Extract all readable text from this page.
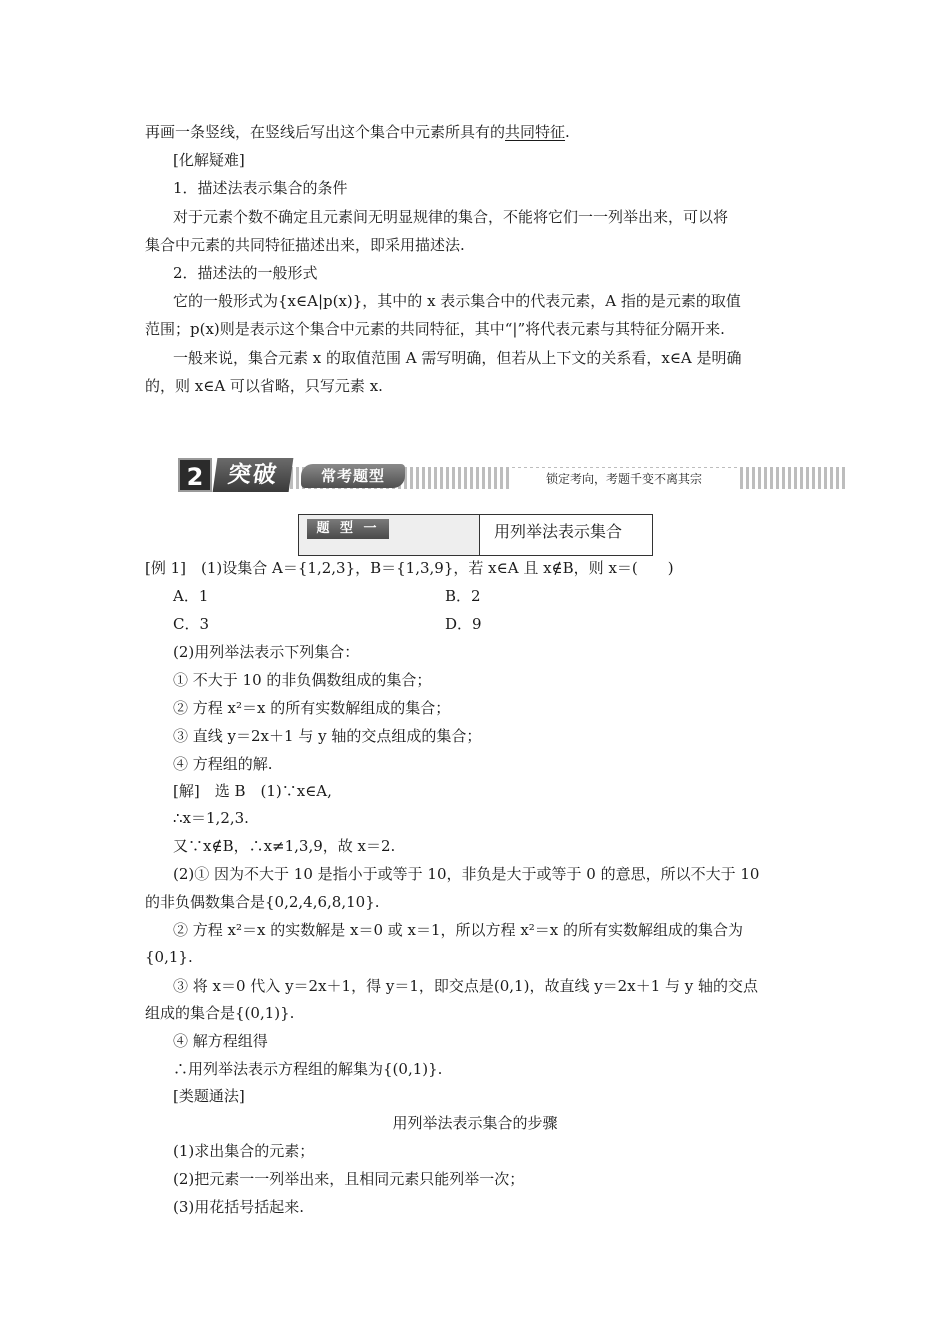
再画一条竖线，在竖线后写出这个集合中元素所具有的共同特征.
[化解疑难]
1．描述法表示集合的条件
对于元素个数不确定且元素间无明显规律的集合，不能将它们一一列举出来，可以将
集合中元素的共同特征描述出来，即采用描述法.
2．描述法的一般形式
它的一般形式为{x∈A|p(x)}，其中的 x 表示集合中的代表元素，A 指的是元素的取值
范围；p(x)则是表示这个集合中元素的共同特征，其中“|”将代表元素与其特征分隔开来.
一般来说，集合元素 x 的取值范围 A 需写明确，但若从上下文的关系看，x∈A 是明确
的，则 x∈A 可以省略，只写元素 x.
2 突破	常考题型	锁定考向，考题千变不离其宗
题 型 一	用列举法表示集合
[例 1]　(1)设集合 A＝{1,2,3}，B＝{1,3,9}，若 x∈A 且 x∉B，则 x＝(　　)
A．1	B．2
C．3	D．9
(2)用列举法表示下列集合：
① 不大于 10 的非负偶数组成的集合；
② 方程 x²＝x 的所有实数解组成的集合；
③ 直线 y＝2x＋1 与 y 轴的交点组成的集合；
④ 方程组的解.
[解]　选 B　(1)∵x∈A,
∴x＝1,2,3.
又∵x∉B，∴x≠1,3,9，故 x＝2.
(2)① 因为不大于 10 是指小于或等于 10，非负是大于或等于 0 的意思，所以不大于 10
的非负偶数集合是{0,2,4,6,8,10}.
② 方程 x²＝x 的实数解是 x＝0 或 x＝1，所以方程 x²＝x 的所有实数解组成的集合为
{0,1}.
③ 将 x＝0 代入 y＝2x＋1，得 y＝1，即交点是(0,1)，故直线 y＝2x＋1 与 y 轴的交点
组成的集合是{(0,1)}.
④ 解方程组得
∴用列举法表示方程组的解集为{(0,1)}.
[类题通法]
用列举法表示集合的步骤
(1)求出集合的元素；
(2)把元素一一列举出来，且相同元素只能列举一次；
(3)用花括号括起来.
